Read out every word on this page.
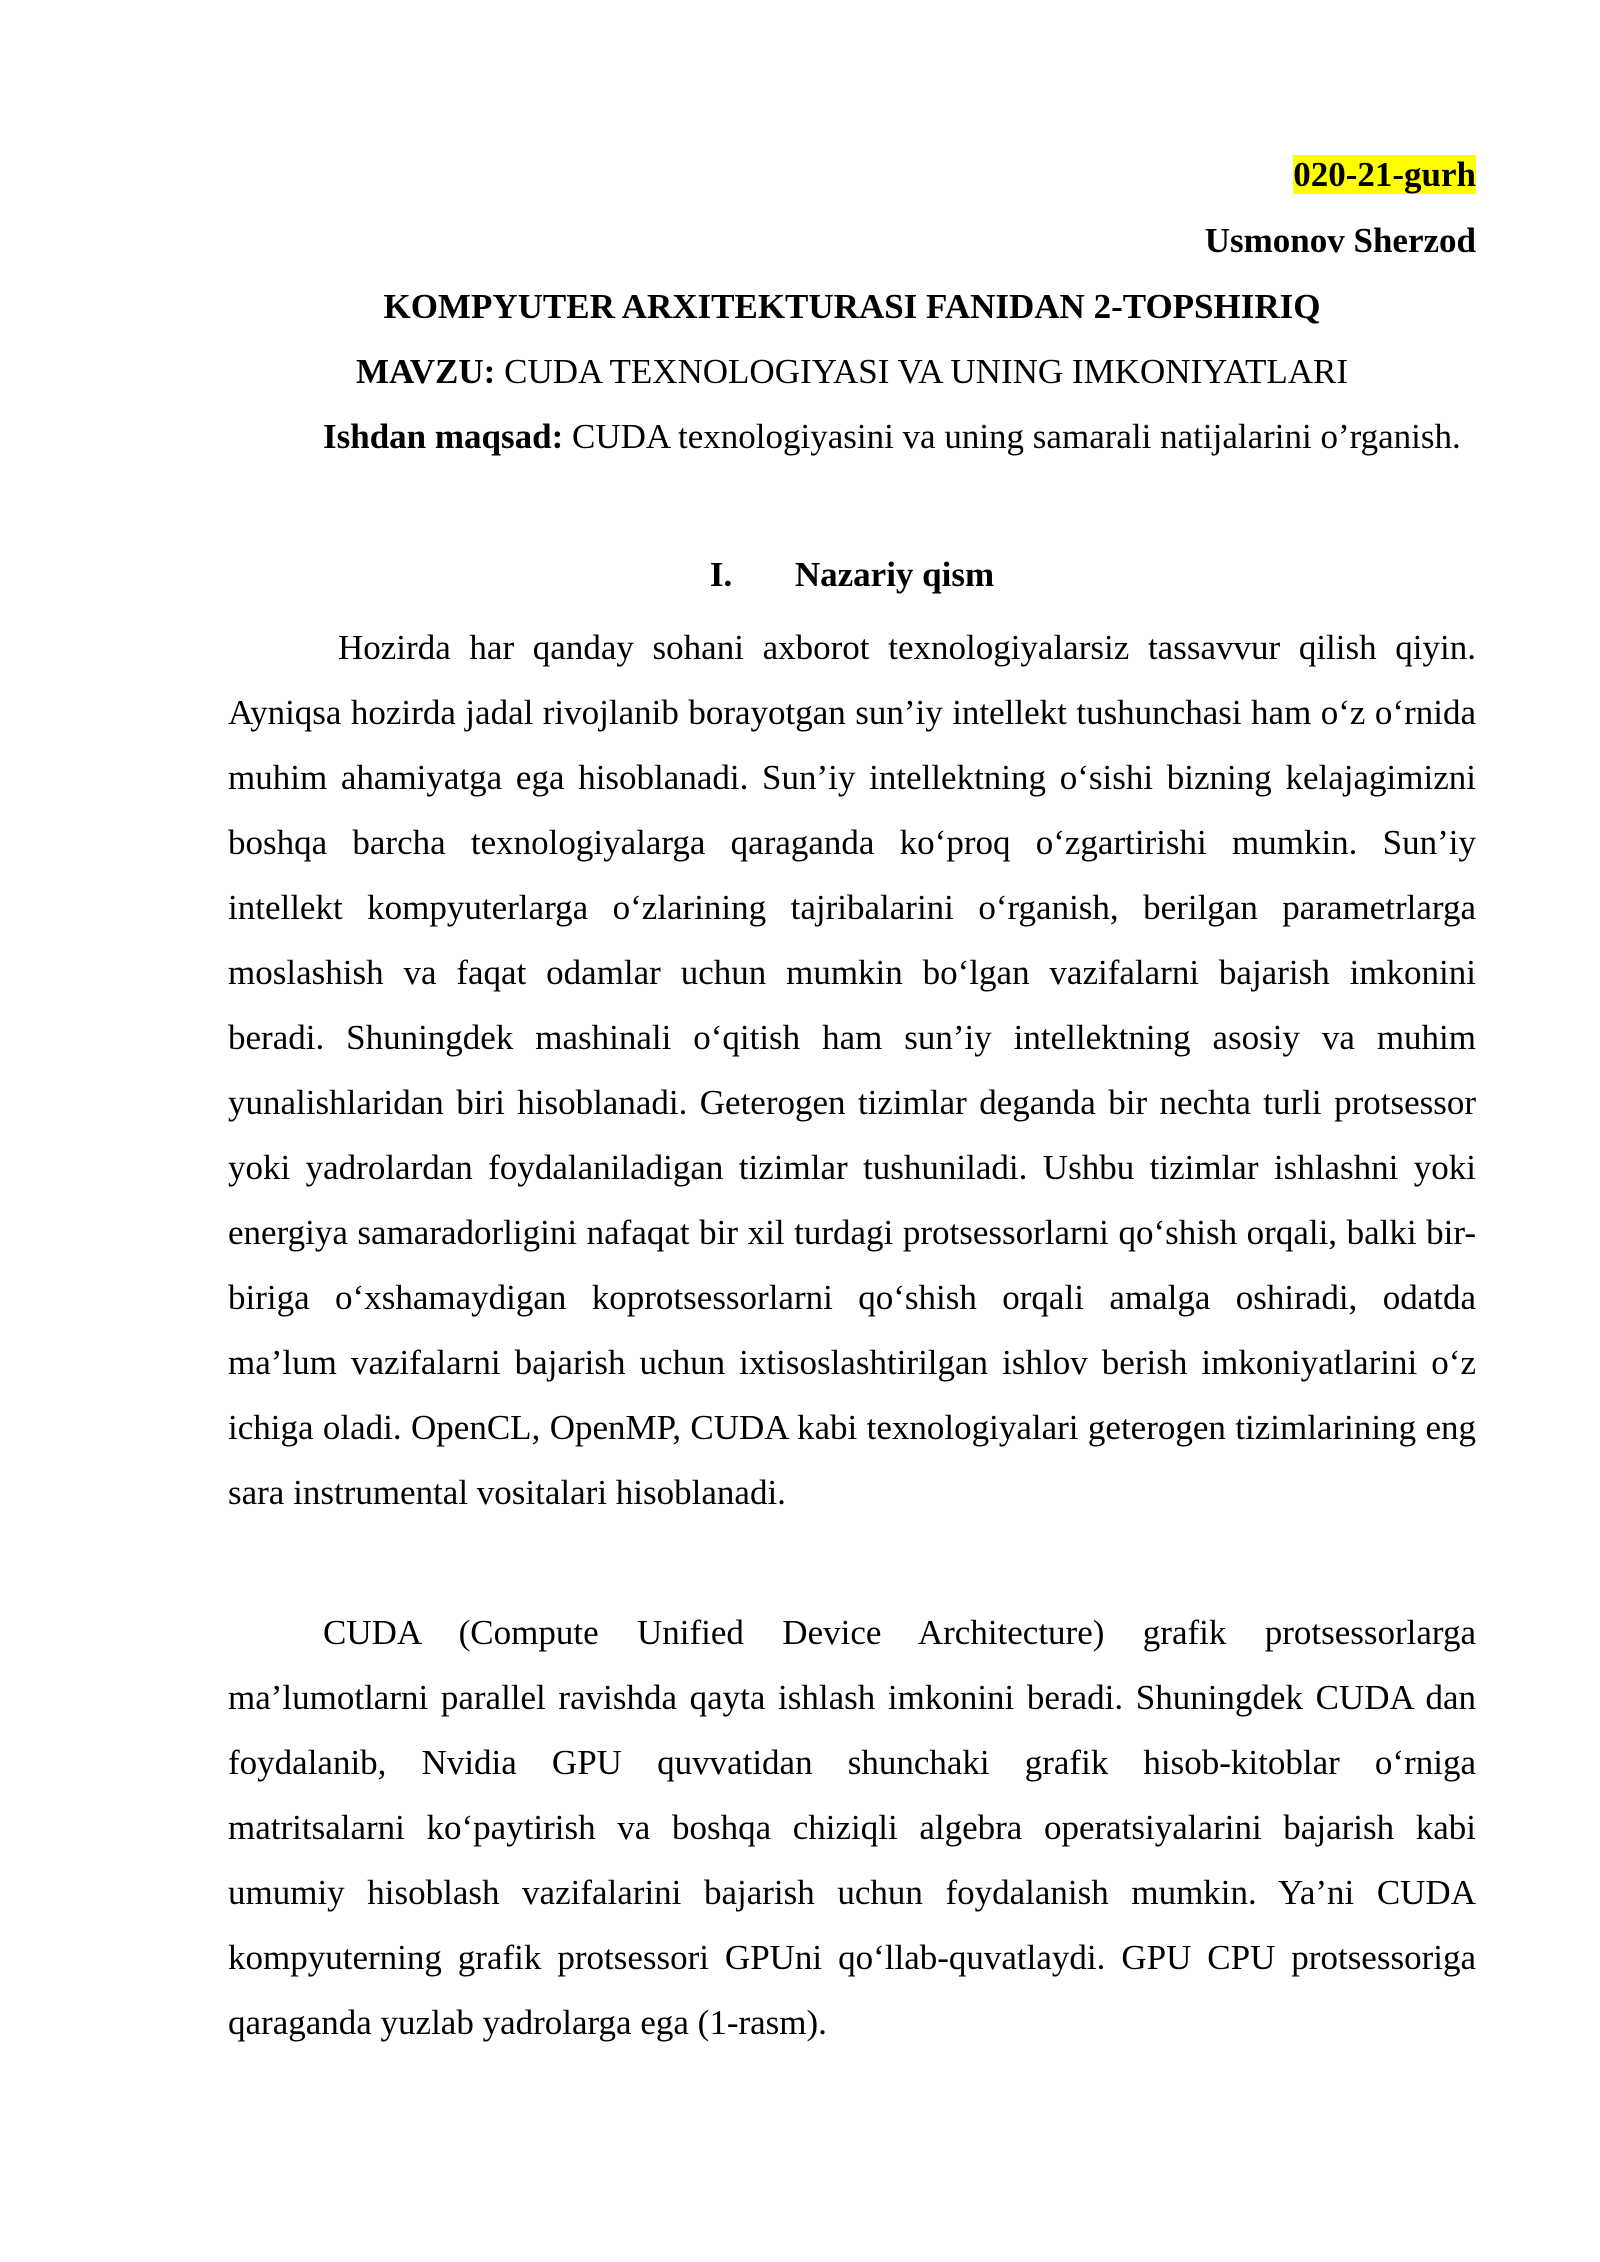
020-21-gurh
Usmonov Sherzod
KOMPYUTER ARXITEKTURASI FANIDAN 2-TOPSHIRIQ
MAVZU: CUDA TEXNOLOGIYASI VA UNING IMKONIYATLARI
Ishdan maqsad: CUDA texnologiyasini va uning samarali natijalarini o’rganish.
I. Nazariy qism
Hozirda har qanday sohani axborot texnologiyalarsiz tassavvur qilish qiyin. Ayniqsa hozirda jadal rivojlanib borayotgan sun’iy intellekt tushunchasi ham o‘z o‘rnida muhim ahamiyatga ega hisoblanadi. Sun’iy intellektning o‘sishi bizning kelajagimizni boshqa barcha texnologiyalarga qaraganda ko‘proq o‘zgartirishi mumkin. Sun’iy intellekt kompyuterlarga o‘zlarining tajribalarini o‘rganish, berilgan parametrlarga moslashish va faqat odamlar uchun mumkin bo‘lgan vazifalarni bajarish imkonini beradi. Shuningdek mashinali o‘qitish ham sun’iy intellektning asosiy va muhim yunalishlaridan biri hisoblanadi. Geterogen tizimlar deganda bir nechta turli protsessor yoki yadrolardan foydalaniladigan tizimlar tushuniladi. Ushbu tizimlar ishlashni yoki energiya samaradorligini nafaqat bir xil turdagi protsessorlarni qo‘shish orqali, balki bir-biriga o‘xshamaydigan koprotsessorlarni qo‘shish orqali amalga oshiradi, odatda ma’lum vazifalarni bajarish uchun ixtisoslashtirilgan ishlov berish imkoniyatlarini o‘z ichiga oladi. OpenCL, OpenMP, CUDA kabi texnologiyalari geterogen tizimlarining eng sara instrumental vositalari hisoblanadi.
CUDA (Compute Unified Device Architecture) grafik protsessorlarga ma’lumotlarni parallel ravishda qayta ishlash imkonini beradi. Shuningdek CUDA dan foydalanib, Nvidia GPU quvvatidan shunchaki grafik hisob-kitoblar o‘rniga matritsalarni ko‘paytirish va boshqa chiziqli algebra operatsiyalarini bajarish kabi umumiy hisoblash vazifalarini bajarish uchun foydalanish mumkin. Ya’ni CUDA kompyuterning grafik protsessori GPUni qo‘llab-quvatlaydi. GPU CPU protsessoriga qaraganda yuzlab yadrolarga ega (1-rasm).
